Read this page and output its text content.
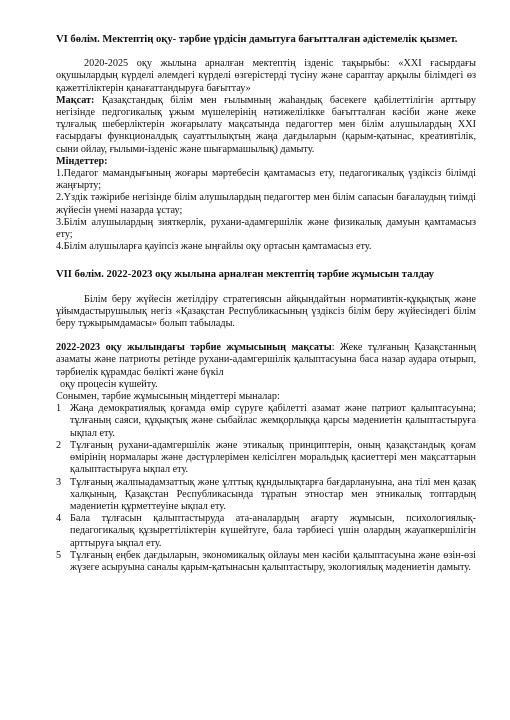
VI бөлім. Мектептің оқу- тәрбие үрдісін дамытуға бағытталған әдістемелік қызмет.

2020-2025 оқу жылына арналған мектептің ізденіс тақырыбы: «XXI ғасырдағы оқушылардың күрделі әлемдегі күрделі өзгерістерді түсіну және сараптау арқылы білімдегі өз қажеттіліктерін қанағаттандыруға бағыттау»

Мақсат: Қазақстандық білім мен ғылымның жаһандық бәсекеге қабілеттілігін арттыру негізінде педгогикалық ұжым мүшелерінің нәтижелілікке бағытталған кәсіби және жеке тұлғалық шеберліктерін жоғарылату мақсатында педагогтер мен білім алушылардың XXI ғасырдағы функционалдық сауаттылықтың жаңа дағдыларын (қарым-қатынас, креативтілік, сыни ойлау, ғылыми-ізденіс және шығармашылық) дамыту.

Міндеттер:

1.Педагог мамандығының жоғары мәртебесін қамтамасыз ету, педагогикалық үздіксіз білімді жаңғырту;

2.Үздік тәжірибе негізінде білім алушылардың педагогтер мен білім сапасын бағалаудың тиімді жүйесін үнемі назарда ұстау;

3.Білім алушылардың зияткерлік, рухани-адамгершілік және физикалық дамуын қамтамасыз ету;

4.Білім алушыларға қауіпсіз және ыңғайлы оқу ортасын қамтамасыз ету.

VII бөлім. 2022-2023 оқу жылына арналған мектептің тәрбие жұмысын талдау

Білім беру жүйесін жетілдіру стратегиясын айқындайтын нормативтік-құқықтық және ұйымдастырушылық негіз «Қазақстан Республикасының үздіксіз білім беру жүйесіндегі білім беру тұжырымдамасы» болып табылады.

2022-2023 оқу жылындағы тәрбие жұмысының мақсаты: Жеке тұлғаның Қазақстанның азаматы және патриоты ретінде рухани-адамгершілік қалыптасуына баса назар аудара отырып, тәрбиелік құрамдас бөлікті және бүкіл

оқу процесін күшейту.

Сонымен, тәрбие жұмысының міндеттері мыналар:

1 Жаңа демократиялық қоғамда өмір сүруге қабілетті азамат және патриот қалыптасуына; тұлғаның саяси, құқықтық және сыбайлас жемқорлыққа қарсы мәдениетін қалыптастыруға ықпал ету.
2 Тұлғаның рухани-адамгершілік және этикалық принциптерін, оның қазақстандық қоғам өмірінің нормалары және дәстүрлерімен келісілген моральдық қасиеттері мен мақсаттарын қалыптастыруға ықпал ету.
3 Тұлғаның жалпыадамзаттық және ұлттық құндылықтарға бағдарлануына, ана тілі мен қазақ халқының, Қазақстан Республикасында тұратын этностар мен этникалық топтардың мәдениетін құрметтеуіне ықпал ету.
4 Бала тұлғасын қалыптастыруда ата-аналардың ағарту жұмысын, психологиялық-педагогикалық құзыреттіліктерін күшейтуге, бала тәрбиесі үшін олардың жауапкершілігін арттыруға ықпал ету.
5 Тұлғаның еңбек дағдыларын, экономикалық ойлауы мен кәсіби қалыптасуына және өзін-өзі жүзеге асыруына саналы қарым-қатынасын қалыптастыру, экологиялық мәдениетін дамыту.
